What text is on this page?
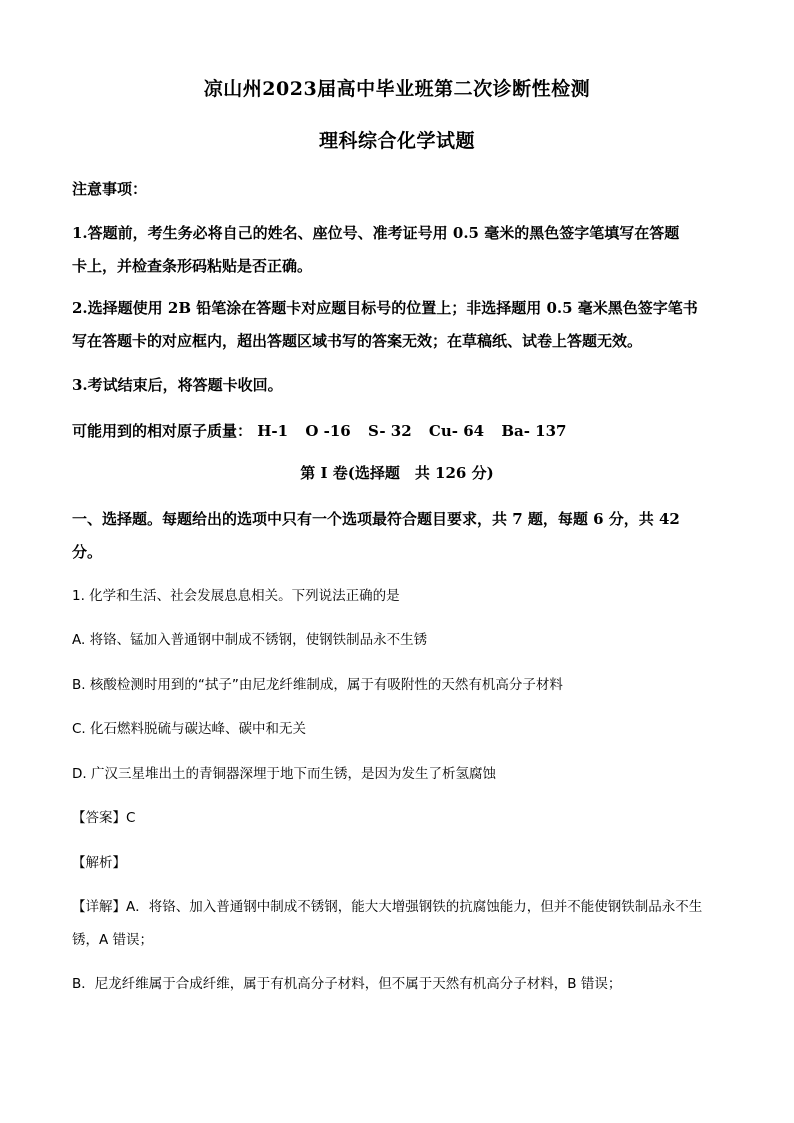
凉山州2023届高中毕业班第二次诊断性检测
理科综合化学试题
注意事项：
1.答题前，考生务必将自己的姓名、座位号、准考证号用 0.5 毫米的黑色签字笔填写在答题
卡上，并检查条形码粘贴是否正确。
2.选择题使用 2B 铅笔涂在答题卡对应题目标号的位置上；非选择题用 0.5 毫米黑色签字笔书
写在答题卡的对应框内，超出答题区域书写的答案无效；在草稿纸、试卷上答题无效。
3.考试结束后，将答题卡收回。
可能用到的相对原子质量： H-1 O -16 S- 32 Cu- 64 Ba- 137
第 I 卷(选择题　共 126 分)
一、选择题。每题给出的选项中只有一个选项最符合题目要求，共 7 题，每题 6 分，共 42
分。
1. 化学和生活、社会发展息息相关。下列说法正确的是
A. 将铬、锰加入普通钢中制成不锈钢，使钢铁制品永不生锈
B. 核酸检测时用到的“拭子”由尼龙纤维制成，属于有吸附性的天然有机高分子材料
C. 化石燃料脱硫与碳达峰、碳中和无关
D. 广汉三星堆出土的青铜器深埋于地下而生锈，是因为发生了析氢腐蚀
【答案】C
【解析】
【详解】A．将铬、加入普通钢中制成不锈钢，能大大增强钢铁的抗腐蚀能力，但并不能使钢铁制品永不生
锈，A 错误；
B．尼龙纤维属于合成纤维，属于有机高分子材料，但不属于天然有机高分子材料，B 错误；
